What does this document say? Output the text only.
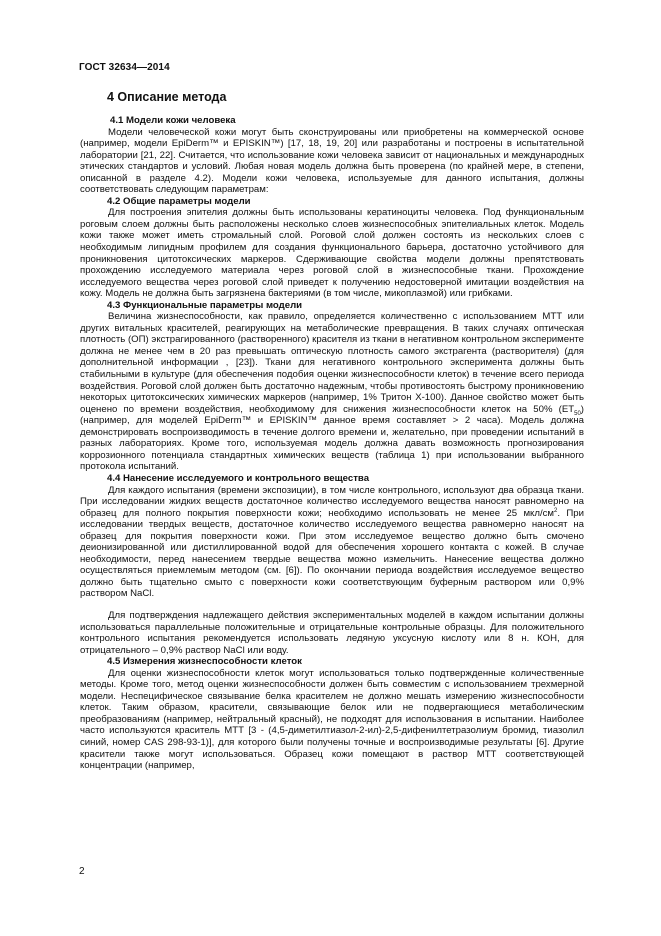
ГОСТ 32634—2014
4 Описание метода

4.1 Модели кожи человека

Модели человеческой кожи могут быть сконструированы или приобретены на коммерческой основе (например, модели EpiDerm™ и EPISKIN™) [17, 18, 19, 20] или разработаны и построены в испытательной лаборатории [21, 22]. Считается, что использование кожи человека зависит от национальных и международных этических стандартов и условий. Любая новая модель должна быть проверена (по крайней мере, в степени, описанной в разделе 4.2). Модели кожи человека, используемые для данного испытания, должны соответствовать следующим параметрам:

4.2 Общие параметры модели

Для построения эпителия должны быть использованы кератиноциты человека. Под функциональным роговым слоем должны быть расположены несколько слоев жизнеспособных эпителиальных клеток. Модель кожи также может иметь стромальный слой. Роговой слой должен состоять из нескольких слоев с необходимым липидным профилем для создания функционального барьера, достаточно устойчивого для проникновения цитотоксических маркеров. Сдерживающие свойства модели должны препятствовать прохождению исследуемого материала через роговой слой в жизнеспособные ткани. Прохождение исследуемого вещества через роговой слой приведет к получению недостоверной имитации воздействия на кожу. Модель не должна быть загрязнена бактериями (в том числе, микоплазмой) или грибками.

4.3 Функциональные параметры модели

Величина жизнеспособности, как правило, определяется количественно с использованием МТТ или других витальных красителей, реагирующих на метаболические превращения. В таких случаях оптическая плотность (ОП) экстрагированного (растворенного) красителя из ткани в негативном контрольном эксперименте должна не менее чем в 20 раз превышать оптическую плотность самого экстрагента (растворителя) (для дополнительной информации , [23]). Ткани для негативного контрольного эксперимента должны быть стабильными в культуре (для обеспечения подобия оценки жизнеспособности клеток) в течение всего периода воздействия. Роговой слой должен быть достаточно надежным, чтобы противостоять быстрому проникновению некоторых цитотоксических химических маркеров (например, 1% Тритон Х-100). Данное свойство может быть оценено по времени воздействия, необходимому для снижения жизнеспособности клеток на 50% $(ЕТ_{50})$ (например, для моделей EpiDerm™ и EPISKIN™ данное время составляет > 2 часа). Модель должна демонстрировать воспроизводимость в течение долгого времени и, желательно, при проведении испытаний в разных лабораториях. Кроме того, используемая модель должна давать возможность прогнозирования коррозионного потенциала стандартных химических веществ (таблица 1) при использовании выбранного протокола испытаний.

4.4 Нанесение исследуемого и контрольного вещества

Для каждого испытания (времени экспозиции), в том числе контрольного, используют два образца ткани. При исследовании жидких веществ достаточное количество исследуемого вещества наносят равномерно на образец для полного покрытия поверхности кожи; необходимо использовать не менее 25 мкл/$см^2$. При исследовании твердых веществ, достаточное количество исследуемого вещества равномерно наносят на образец для покрытия поверхности кожи. При этом исследуемое вещество должно быть смочено деионизированной или дистиллированной водой для обеспечения хорошего контакта с кожей. В случае необходимости, перед нанесением твердые вещества можно измельчить. Нанесение вещества должно осуществляться приемлемым методом (см. [6]). По окончании периода воздействия исследуемое вещество должно быть тщательно смыто с поверхности кожи соответствующим буферным раствором или 0,9% раствором NaCl.

Для подтверждения надлежащего действия экспериментальных моделей в каждом испытании должны использоваться параллельные положительные и отрицательные контрольные образцы. Для положительного контрольного испытания рекомендуется использовать ледяную уксусную кислоту или 8 н. КОН, для отрицательного – 0,9% раствор NaCl или воду.

4.5 Измерения жизнеспособности клеток

Для оценки жизнеспособности клеток могут использоваться только подтвержденные количественные методы. Кроме того, метод оценки жизнеспособности должен быть совместим с использованием трехмерной модели. Неспецифическое связывание белка красителем не должно мешать измерению жизнеспособности клеток. Таким образом, красители, связывающие белок или не подвергающиеся метаболическим преобразованиям (например, нейтральный красный), не подходят для использования в испытании. Наиболее часто используются краситель МТТ [3 - (4,5-диметилтиазол-2-ил)-2,5-дифенилтетразолиум бромид, тиазолил синий, номер CAS 298-93-1)], для которого были получены точные и воспроизводимые результаты [6]. Другие красители также могут использоваться. Образец кожи помещают в раствор МТТ соответствующей концентрации (например,

2
